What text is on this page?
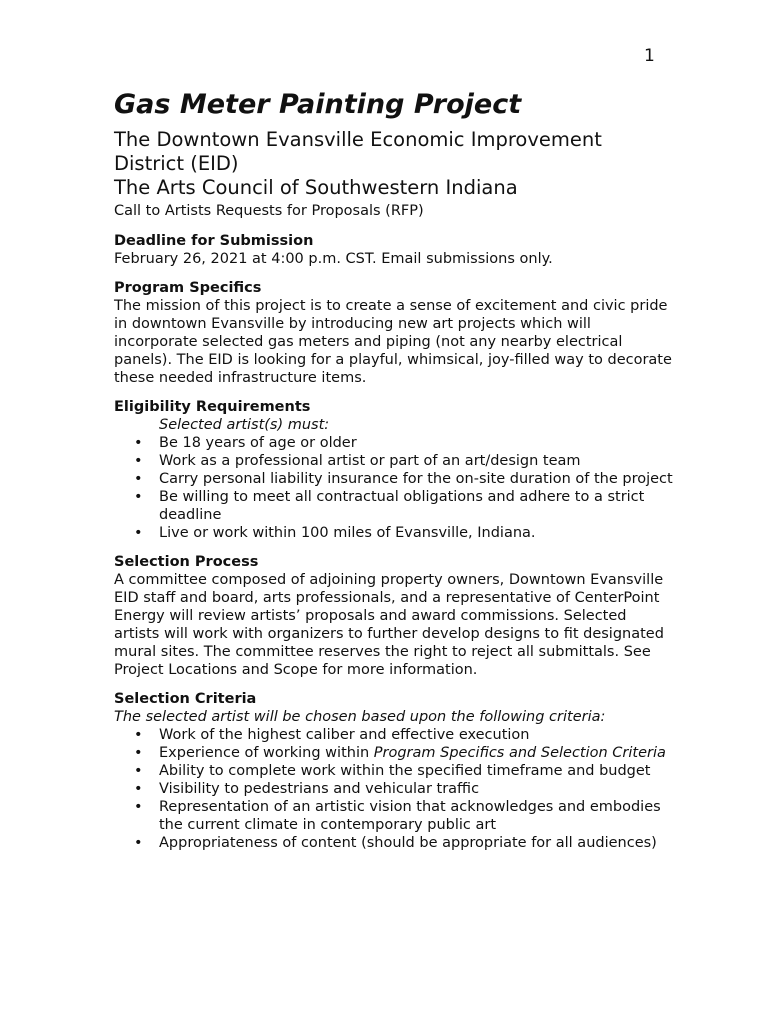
1
Gas Meter Painting Project

The Downtown Evansville Economic Improvement District (EID)

The Arts Council of Southwestern Indiana

Call to Artists Requests for Proposals (RFP)

Deadline for Submission

February 26, 2021 at 4:00 p.m. CST. Email submissions only.

Program Specifics

The mission of this project is to create a sense of excitement and civic pride in downtown Evansville by introducing new art projects which will incorporate selected gas meters and piping (not any nearby electrical panels). The EID is looking for a playful, whimsical, joy-filled way to decorate these needed infrastructure items.

Eligibility Requirements

Selected artist(s) must:

• Be 18 years of age or older
• Work as a professional artist or part of an art/design team
• Carry personal liability insurance for the on-site duration of the project
• Be willing to meet all contractual obligations and adhere to a strict deadline
• Live or work within 100 miles of Evansville, Indiana.

Selection Process

A committee composed of adjoining property owners, Downtown Evansville EID staff and board, arts professionals, and a representative of CenterPoint Energy will review artists’ proposals and award commissions. Selected artists will work with organizers to further develop designs to fit designated mural sites. The committee reserves the right to reject all submittals. See Project Locations and Scope for more information.

Selection Criteria

The selected artist will be chosen based upon the following criteria:

• Work of the highest caliber and effective execution
• Experience of working within Program Specifics and Selection Criteria
• Ability to complete work within the specified timeframe and budget
• Visibility to pedestrians and vehicular traffic
• Representation of an artistic vision that acknowledges and embodies the current climate in contemporary public art
• Appropriateness of content (should be appropriate for all audiences)
